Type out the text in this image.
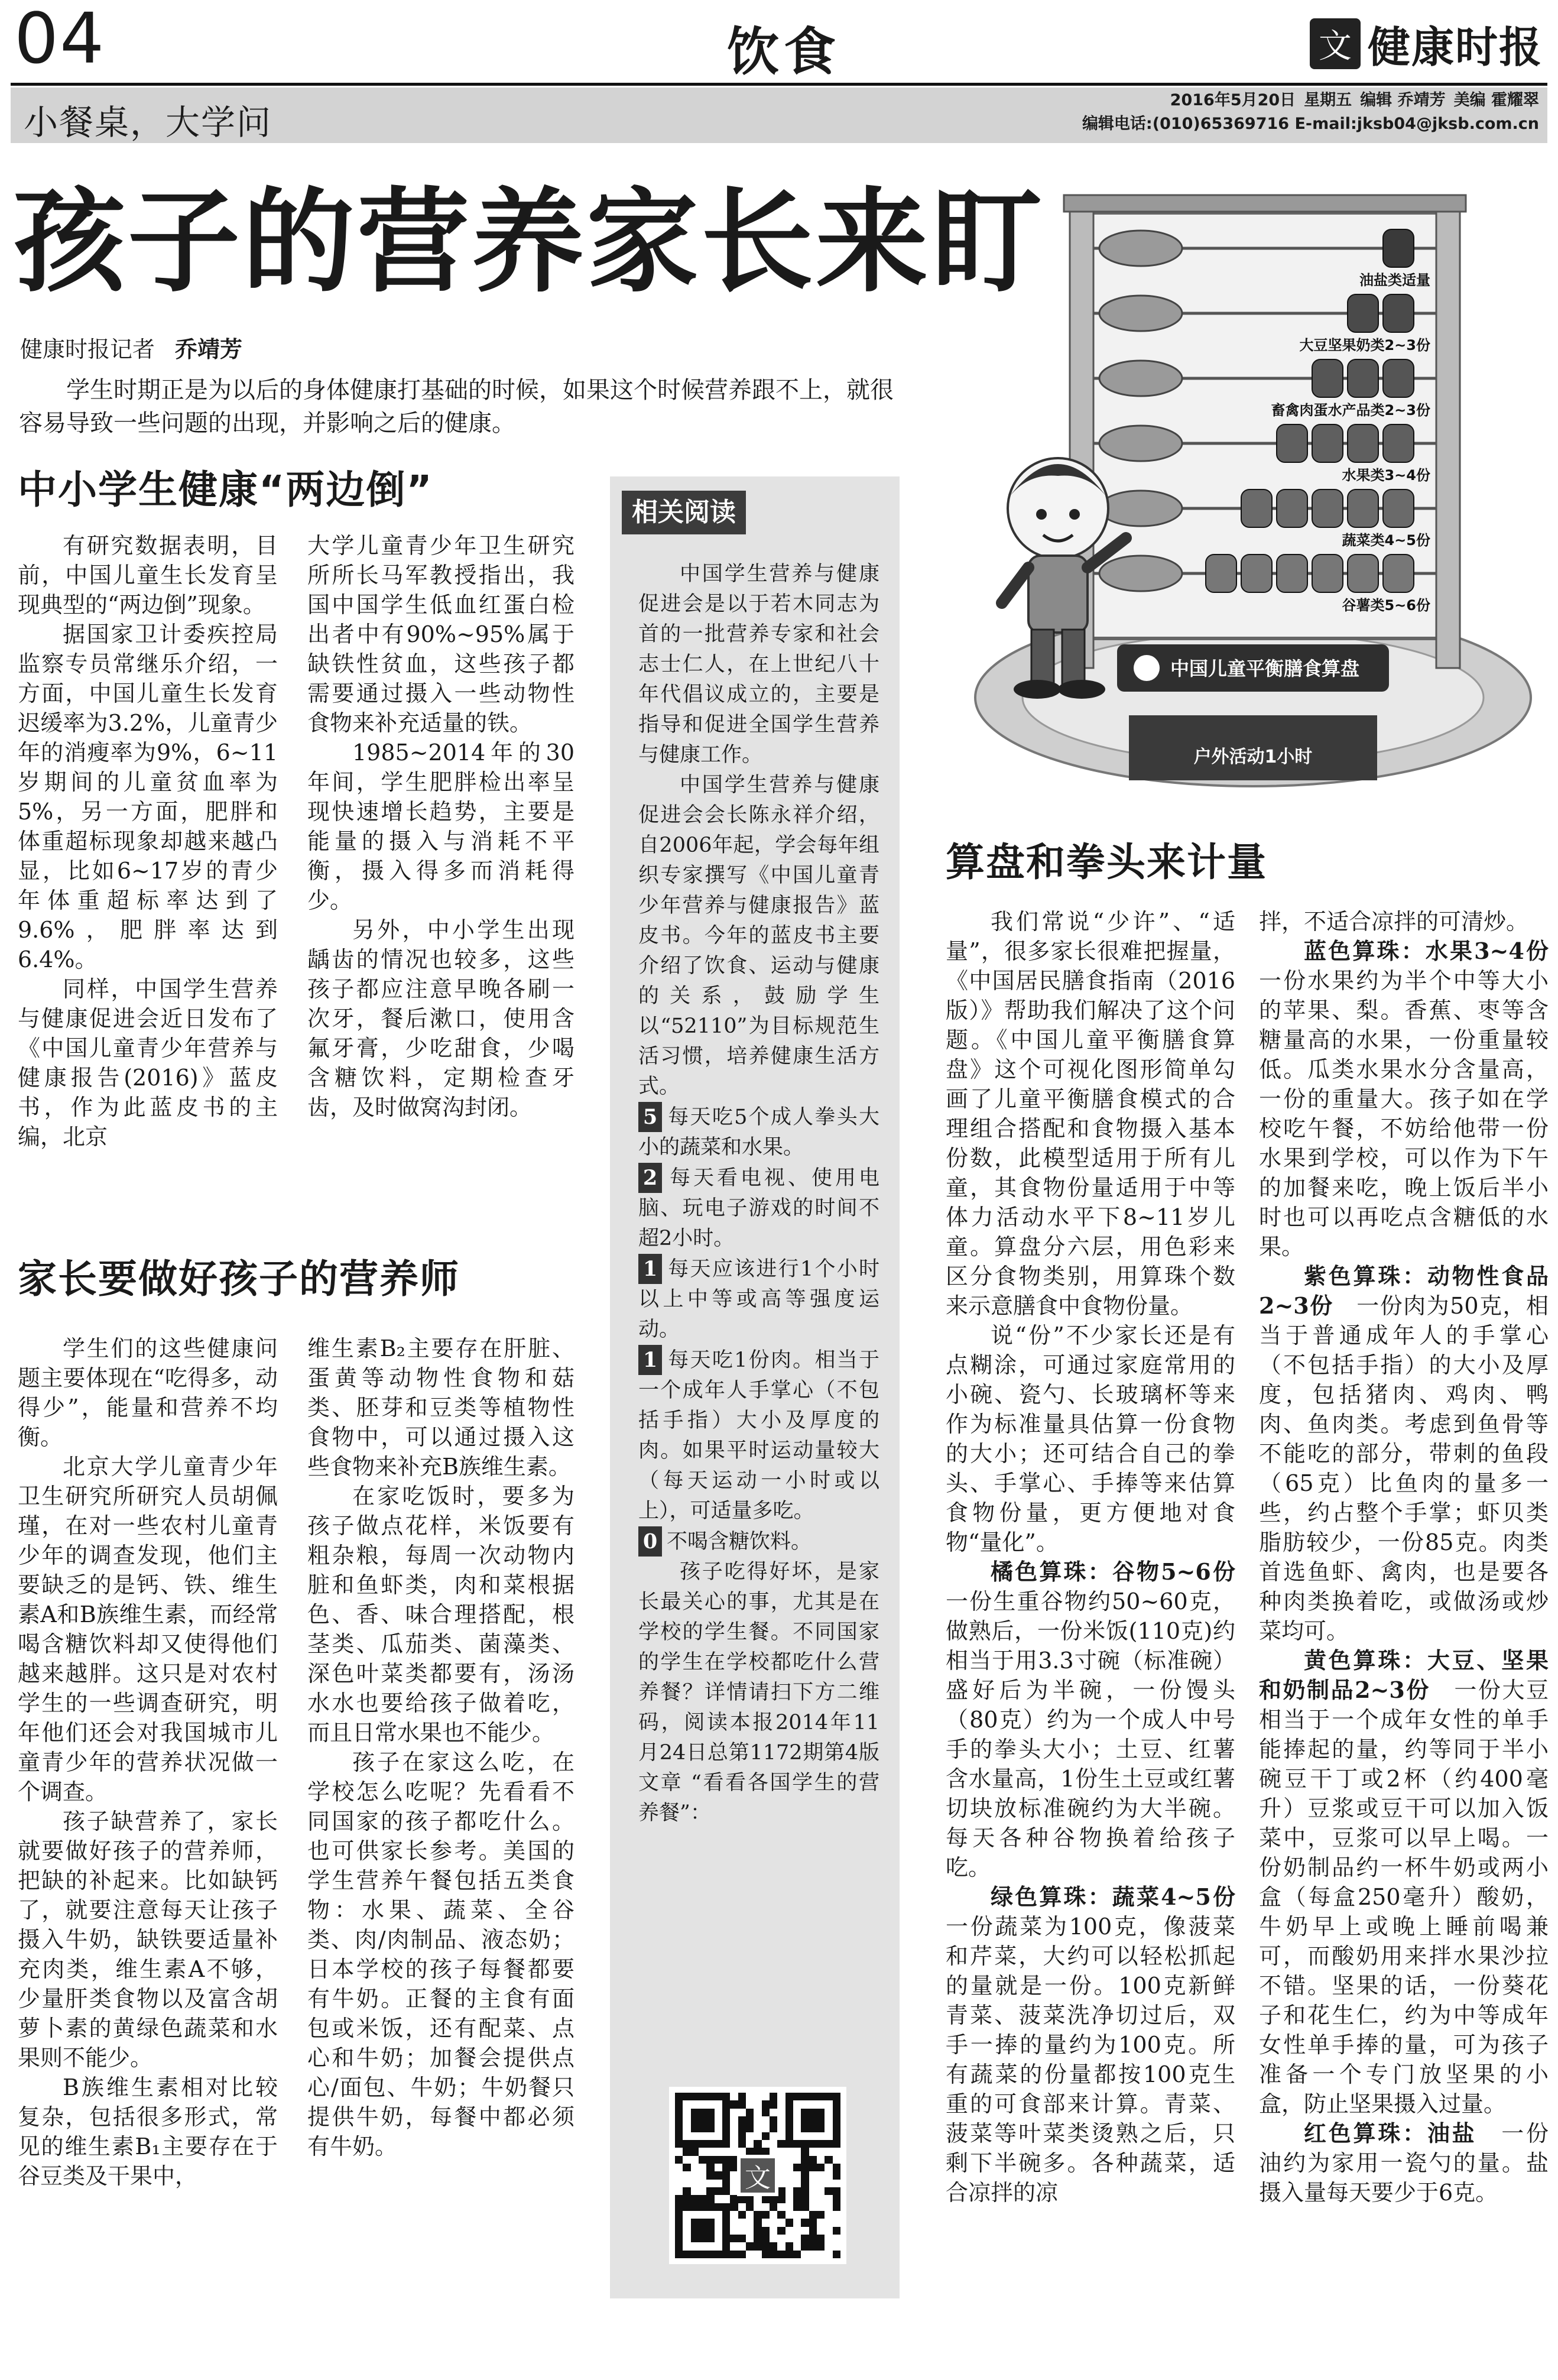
04	饮食	文 健康时报
小餐桌，大学问
2016年5月20日 星期五 编辑 乔靖芳 美编 霍耀翠
编辑电话:(010)65369716 E-mail:jksb04@jksb.com.cn
孩子的营养家长来盯
健康时报记者 乔靖芳

学生时期正是为以后的身体健康打基础的时候，如果这个时候营养跟不上，就很容易导致一些问题的出现，并影响之后的健康。

中小学生健康“两边倒”

有研究数据表明，目前，中国儿童生长发育呈现典型的“两边倒”现象。

据国家卫计委疾控局监察专员常继乐介绍，一方面，中国儿童生长发育迟缓率为3.2%，儿童青少年的消瘦率为9%，6~11岁期间的儿童贫血率为5%，另一方面，肥胖和体重超标现象却越来越凸显，比如6~17岁的青少年体重超标率达到了9.6%，肥胖率达到6.4%。

同样，中国学生营养与健康促进会近日发布了《中国儿童青少年营养与健康报告(2016)》蓝皮书，作为此蓝皮书的主编，北京

大学儿童青少年卫生研究所所长马军教授指出，我国中国学生低血红蛋白检出者中有90%~95%属于缺铁性贫血，这些孩子都需要通过摄入一些动物性食物来补充适量的铁。

1985~2014年的30年间，学生肥胖检出率呈现快速增长趋势，主要是能量的摄入与消耗不平衡，摄入得多而消耗得少。

另外，中小学生出现龋齿的情况也较多，这些孩子都应注意早晚各刷一次牙，餐后漱口，使用含氟牙膏，少吃甜食，少喝含糖饮料，定期检查牙齿，及时做窝沟封闭。

家长要做好孩子的营养师

学生们的这些健康问题主要体现在“吃得多，动得少”，能量和营养不均衡。

北京大学儿童青少年卫生研究所研究人员胡佩瑾，在对一些农村儿童青少年的调查发现，他们主要缺乏的是钙、铁、维生素A和B族维生素，而经常喝含糖饮料却又使得他们越来越胖。这只是对农村学生的一些调查研究，明年他们还会对我国城市儿童青少年的营养状况做一个调查。

孩子缺营养了，家长就要做好孩子的营养师，把缺的补起来。比如缺钙了，就要注意每天让孩子摄入牛奶，缺铁要适量补充肉类，维生素A不够，少量肝类食物以及富含胡萝卜素的黄绿色蔬菜和水果则不能少。

B族维生素相对比较复杂，包括很多形式，常见的维生素B₁主要存在于谷豆类及干果中，

维生素B₂主要存在肝脏、蛋黄等动物性食物和菇类、胚芽和豆类等植物性食物中，可以通过摄入这些食物来补充B族维生素。

在家吃饭时，要多为孩子做点花样，米饭要有粗杂粮，每周一次动物内脏和鱼虾类，肉和菜根据色、香、味合理搭配，根茎类、瓜茄类、菌藻类、深色叶菜类都要有，汤汤水水也要给孩子做着吃，而且日常水果也不能少。

孩子在家这么吃，在学校怎么吃呢？先看看不同国家的孩子都吃什么。也可供家长参考。美国的学生营养午餐包括五类食物：水果、蔬菜、全谷类、肉/肉制品、液态奶；日本学校的孩子每餐都要有牛奶。正餐的主食有面包或米饭，还有配菜、点心和牛奶；加餐会提供点心/面包、牛奶；牛奶餐只提供牛奶，每餐中都必须有牛奶。

相关阅读

中国学生营养与健康促进会是以于若木同志为首的一批营养专家和社会志士仁人，在上世纪八十年代倡议成立的，主要是指导和促进全国学生营养与健康工作。

中国学生营养与健康促进会会长陈永祥介绍，自2006年起，学会每年组织专家撰写《中国儿童青少年营养与健康报告》蓝皮书。今年的蓝皮书主要介绍了饮食、运动与健康的关系，鼓励学生以“52110”为目标规范生活习惯，培养健康生活方式。

5 每天吃5个成人拳头大小的蔬菜和水果。

2 每天看电视、使用电脑、玩电子游戏的时间不超2小时。

1 每天应该进行1个小时以上中等或高等强度运动。

1 每天吃1份肉。相当于一个成年人手掌心（不包括手指）大小及厚度的肉。如果平时运动量较大（每天运动一小时或以上），可适量多吃。

0 不喝含糖饮料。

孩子吃得好坏，是家长最关心的事，尤其是在学校的学生餐。不同国家的学生在学校都吃什么营养餐？详情请扫下方二维码，阅读本报2014年11月24日总第1172期第4版文章 “看看各国学生的营养餐”：

文
户外活动1小时
油盐类适量
大豆坚果奶类2~3份
畜禽肉蛋水产品类2~3份
水果类3~4份
蔬菜类4~5份
谷薯类5~6份
中国儿童平衡膳食算盘
算盘和拳头来计量

我们常说“少许”、“适量”，很多家长很难把握量，《中国居民膳食指南（2016版）》帮助我们解决了这个问题。《中国儿童平衡膳食算盘》这个可视化图形简单勾画了儿童平衡膳食模式的合理组合搭配和食物摄入基本份数，此模型适用于所有儿童，其食物份量适用于中等体力活动水平下8~11岁儿童。算盘分六层，用色彩来区分食物类别，用算珠个数来示意膳食中食物份量。

说“份”不少家长还是有点糊涂，可通过家庭常用的小碗、瓷勺、长玻璃杯等来作为标准量具估算一份食物的大小；还可结合自己的拳头、手掌心、手捧等来估算食物份量，更方便地对食物“量化”。

橘色算珠：谷物5~6份　一份生重谷物约50~60克，做熟后，一份米饭(110克)约相当于用3.3寸碗（标准碗）盛好后为半碗，一份馒头（80克）约为一个成人中号手的拳头大小；土豆、红薯含水量高，1份生土豆或红薯切块放标准碗约为大半碗。每天各种谷物换着给孩子吃。

绿色算珠：蔬菜4~5份　一份蔬菜为100克，像菠菜和芹菜，大约可以轻松抓起的量就是一份。100克新鲜青菜、菠菜洗净切过后，双手一捧的量约为100克。所有蔬菜的份量都按100克生重的可食部来计算。青菜、菠菜等叶菜类烫熟之后，只剩下半碗多。各种蔬菜，适合凉拌的凉

拌，不适合凉拌的可清炒。

蓝色算珠：水果3~4份　一份水果约为半个中等大小的苹果、梨。香蕉、枣等含糖量高的水果，一份重量较低。瓜类水果水分含量高，一份的重量大。孩子如在学校吃午餐，不妨给他带一份水果到学校，可以作为下午的加餐来吃，晚上饭后半小时也可以再吃点含糖低的水果。

紫色算珠：动物性食品2~3份　 一份肉为50克，相当于普通成年人的手掌心（不包括手指）的大小及厚度，包括猪肉、鸡肉、鸭肉、鱼肉类。考虑到鱼骨等不能吃的部分，带刺的鱼段（65克）比鱼肉的量多一些，约占整个手掌；虾贝类脂肪较少，一份85克。肉类首选鱼虾、禽肉，也是要各种肉类换着吃，或做汤或炒菜均可。

黄色算珠：大豆、坚果和奶制品2~3份　 一份大豆相当于一个成年女性的单手能捧起的量，约等同于半小碗豆干丁或2杯（约400毫升）豆浆或豆干可以加入饭菜中，豆浆可以早上喝。一份奶制品约一杯牛奶或两小盒（每盒250毫升）酸奶，牛奶早上或晚上睡前喝兼可，而酸奶用来拌水果沙拉不错。坚果的话，一份葵花子和花生仁，约为中等成年女性单手捧的量，可为孩子准备一个专门放坚果的小盒，防止坚果摄入过量。

红色算珠：油盐　 一份油约为家用一瓷勺的量。盐摄入量每天要少于6克。
